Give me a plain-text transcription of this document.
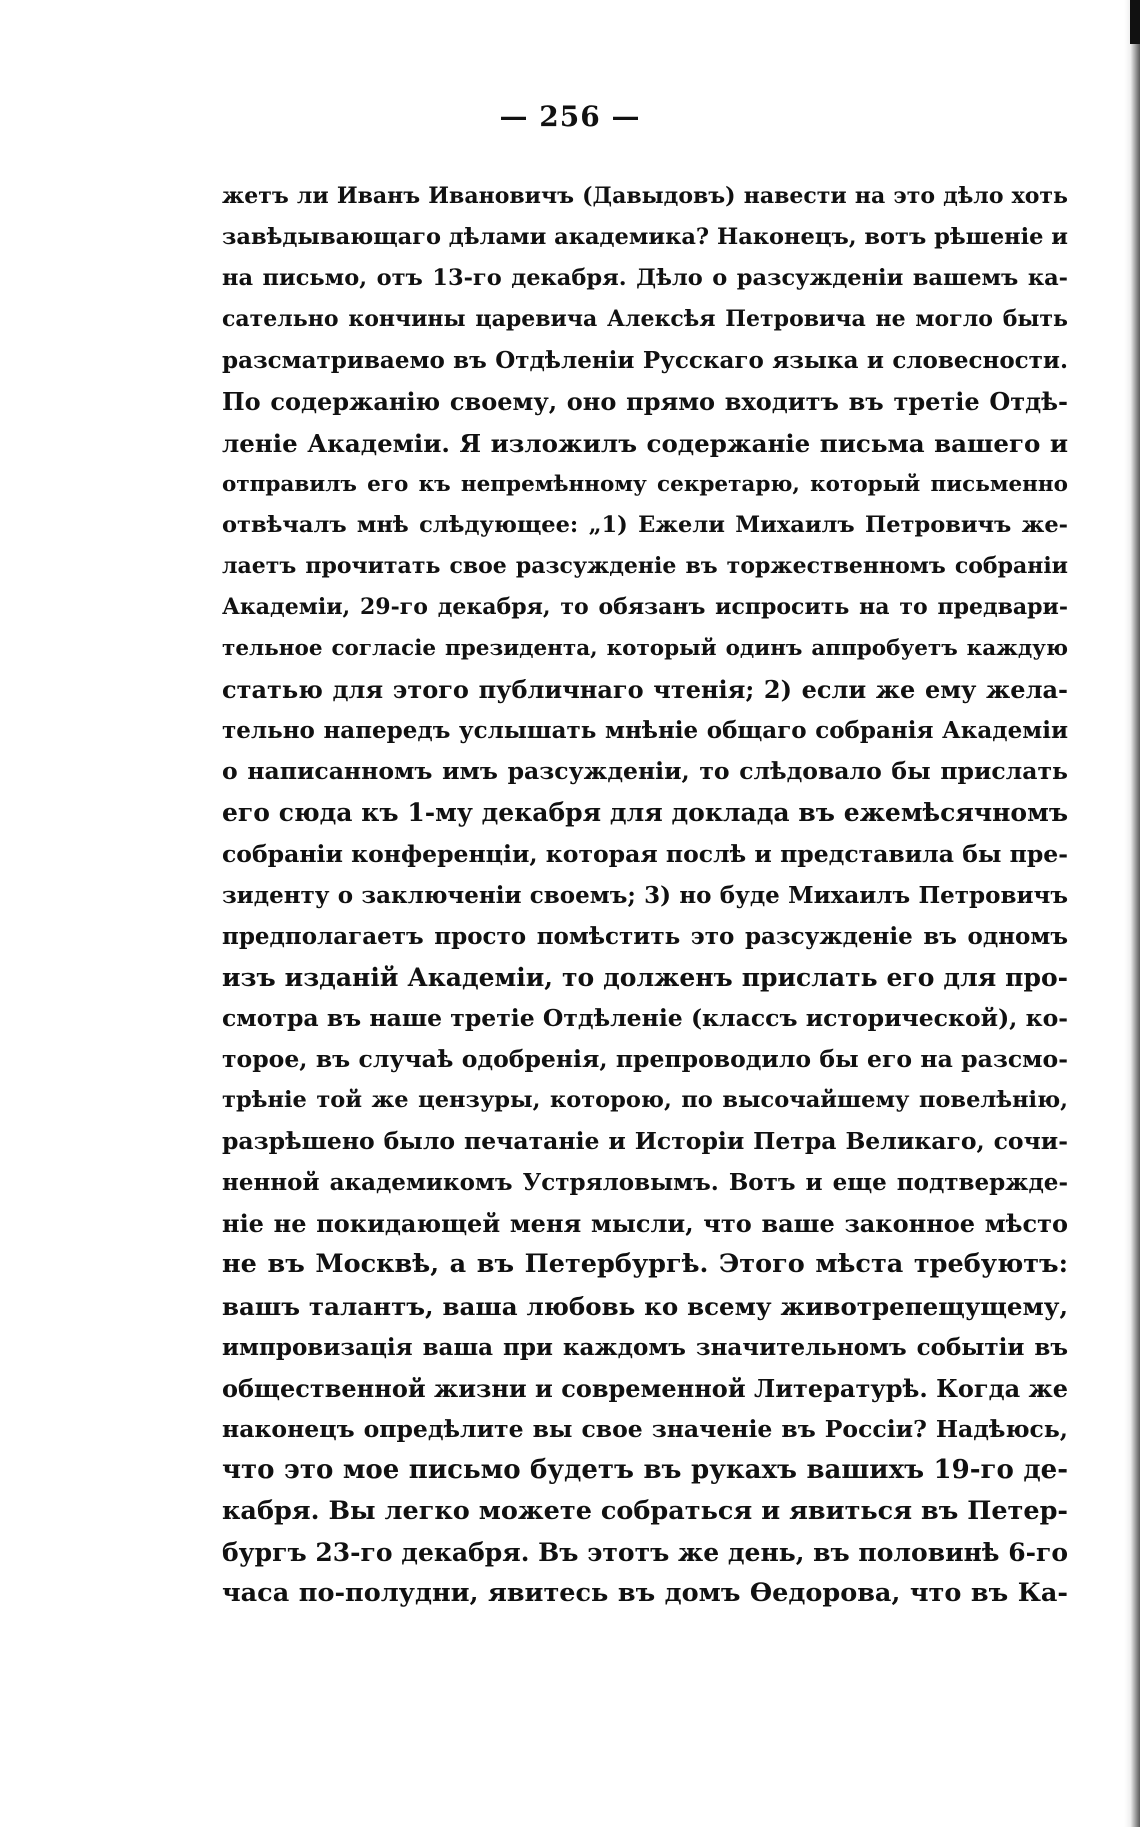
— 256 —
жетъ ли Иванъ Ивановичъ (Давыдовъ) навести на это дѣло хоть
завѣдывающаго дѣлами академика? Наконецъ, вотъ рѣшеніе и
на письмо, отъ 13-го декабря. Дѣло о разсужденіи вашемъ ка-
сательно кончины царевича Алексѣя Петровича не могло быть
разсматриваемо въ Отдѣленіи Русскаго языка и словесности.
По содержанію своему, оно прямо входитъ въ третіе Отдѣ-
леніе Академіи. Я изложилъ содержаніе письма вашего и
отправилъ его къ непремѣнному секретарю, который письменно
отвѣчалъ мнѣ слѣдующее: „1) Ежели Михаилъ Петровичъ же-
лаетъ прочитать свое разсужденіе въ торжественномъ собраніи
Академіи, 29-го декабря, то обязанъ испросить на то предвари-
тельное согласіе президента, который одинъ аппробуетъ каждую
статью для этого публичнаго чтенія; 2) если же ему жела-
тельно напередъ услышать мнѣніе общаго собранія Академіи
о написанномъ имъ разсужденіи, то слѣдовало бы прислать
его сюда къ 1-му декабря для доклада въ ежемѣсячномъ
собраніи конференціи, которая послѣ и представила бы пре-
зиденту о заключеніи своемъ; 3) но буде Михаилъ Петровичъ
предполагаетъ просто помѣстить это разсужденіе въ одномъ
изъ изданій Академіи, то долженъ прислать его для про-
смотра въ наше третіе Отдѣленіе (классъ исторической), ко-
торое, въ случаѣ одобренія, препроводило бы его на разсмо-
трѣніе той же цензуры, которою, по высочайшему повелѣнію,
разрѣшено было печатаніе и Исторіи Петра Великаго, сочи-
ненной академикомъ Устряловымъ. Вотъ и еще подтвержде-
ніе не покидающей меня мысли, что ваше законное мѣсто
не въ Москвѣ, а въ Петербургѣ. Этого мѣста требуютъ:
вашъ талантъ, ваша любовь ко всему животрепещущему,
импровизація ваша при каждомъ значительномъ событіи въ
общественной жизни и современной Литературѣ. Когда же
наконецъ опредѣлите вы свое значеніе въ Россіи? Надѣюсь,
что это мое письмо будетъ въ рукахъ вашихъ 19-го де-
кабря. Вы легко можете собраться и явиться въ Петер-
бургъ 23-го декабря. Въ этотъ же день, въ половинѣ 6-го
часа по-полудни, явитесь въ домъ Ѳедорова, что въ Ка-
